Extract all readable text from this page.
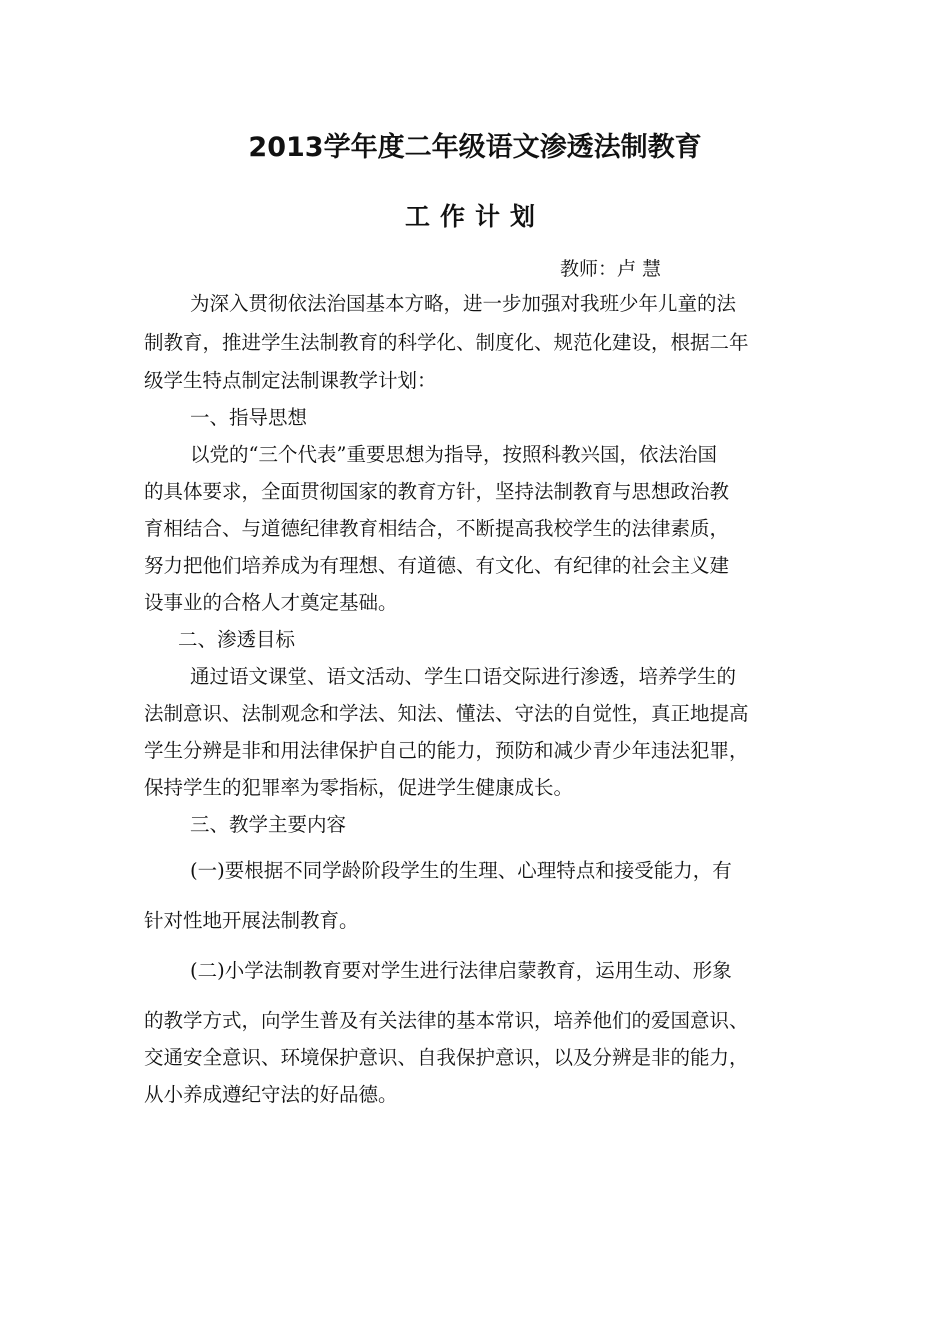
2013学年度二年级语文渗透法制教育
工作计划
教师：卢 慧
为深入贯彻依法治国基本方略，进一步加强对我班少年儿童的法
制教育，推进学生法制教育的科学化、制度化、规范化建设，根据二年
级学生特点制定法制课教学计划：
一、指导思想
以党的“三个代表”重要思想为指导，按照科教兴国，依法治国
的具体要求，全面贯彻国家的教育方针，坚持法制教育与思想政治教
育相结合、与道德纪律教育相结合，不断提高我校学生的法律素质，
努力把他们培养成为有理想、有道德、有文化、有纪律的社会主义建
设事业的合格人才奠定基础。
二、渗透目标
通过语文课堂、语文活动、学生口语交际进行渗透，培养学生的
法制意识、法制观念和学法、知法、懂法、守法的自觉性，真正地提高
学生分辨是非和用法律保护自己的能力，预防和减少青少年违法犯罪，
保持学生的犯罪率为零指标，促进学生健康成长。
三、教学主要内容
(一)要根据不同学龄阶段学生的生理、心理特点和接受能力，有
针对性地开展法制教育。
(二)小学法制教育要对学生进行法律启蒙教育，运用生动、形象
的教学方式，向学生普及有关法律的基本常识，培养他们的爱国意识、
交通安全意识、环境保护意识、自我保护意识，以及分辨是非的能力，
从小养成遵纪守法的好品德。
